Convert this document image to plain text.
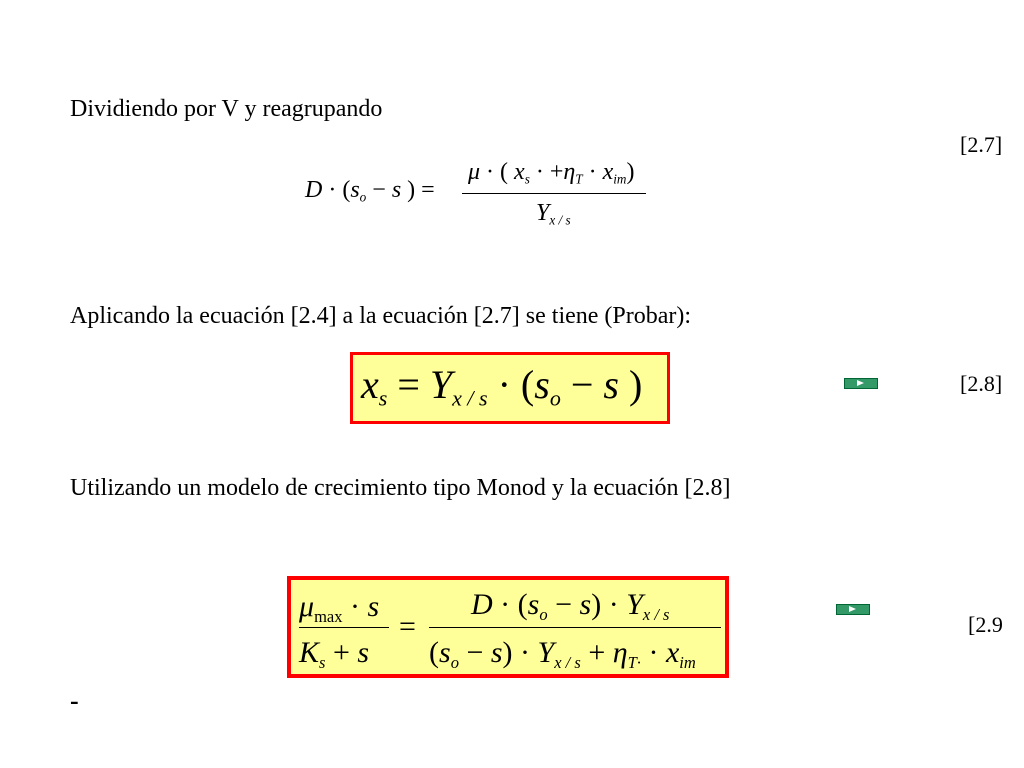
Dividiendo por V y reagrupando
[2.7]
$D \cdot (s_o - s$ ) =
μ · ( $x_s \cdot +\eta_T \cdot x_{im}$)
$Y_{x / s}$
Aplicando la ecuación [2.4] a la ecuación [2.7] se tiene (Probar):
$x_s = Y_{x / s} \cdot (s_o - s$ )	[2.8]
Utilizando un modelo de crecimiento tipo Monod y la ecuación [2.8]
$\mu_{max} \cdot s$
$K_s + s$
=
$D \cdot (s_o - s) \cdot Y_{x / s}$
$(s_o - s) \cdot Y_{x / s} + \eta_{T\cdot} \cdot x_{im}$
[2.9
-
